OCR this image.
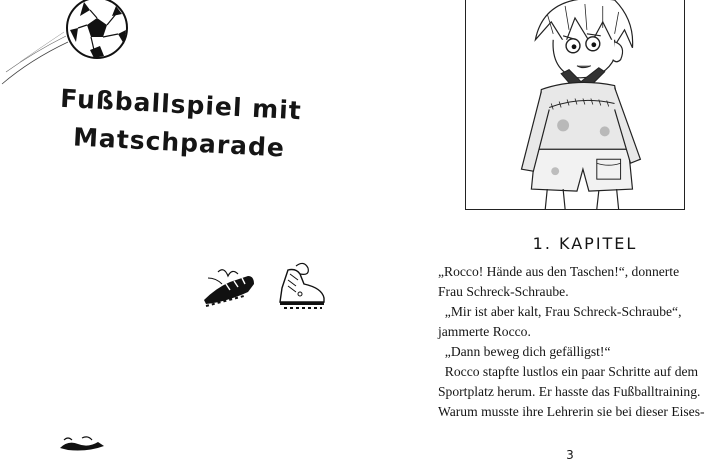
Fußballspiel mit
Matschparade
1. KAPITEL

„Rocco! Hände aus den Taschen!“, donnerte

Frau Schreck-Schraube.

„Mir ist aber kalt, Frau Schreck-Schraube“,

jammerte Rocco.

„Dann beweg dich gefälligst!“

Rocco stapfte lustlos ein paar Schritte auf dem

Sportplatz herum. Er hasste das Fußballtraining.

Warum musste ihre Lehrerin sie bei dieser Eises-

3
